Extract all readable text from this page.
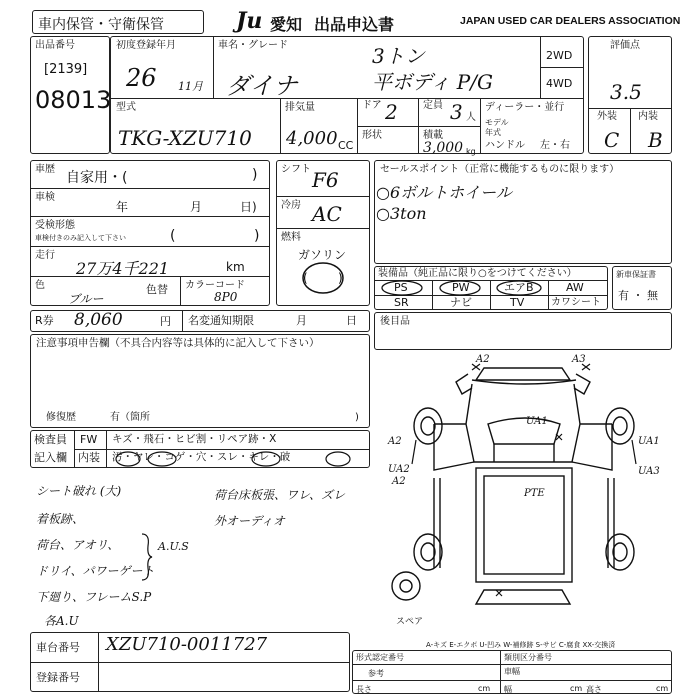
車内保管・守衛保管	Ju 愛知 出品申込書	JAPAN USED CAR DEALERS ASSOCIATION
出品番号
[2139]
08013
初度登録年月
26 11月
車名・グレード
ダイナ
3トン
平ボディ P/G
2WD
4WD
評価点
3.5
外装 内装
C B
型式
TKG-XZU710
排気量
4,000 CC
ドア 2	定員 3 人
形状	積載
3,000 kg
ディーラー・並行
モデル
年式
ハンドル 左・右
車歴
自家用・(	)
車検
年	月	日)
受検形態
車検付きのみ記入して下さい	(	)
走行
27万4千221	km
色
ブルー
色替 カラーコード
8P0
シフト F6
冷房 AC
燃料
ガソリン
(	)
セールスポイント（正常に機能するものに限ります）
○6ボルトホイール
○3ton
装備品（純正品に限り○をつけてください）
PS	PW	エアB	AW
SR	ナビ	TV	カワシート
新車保証書
有 ・ 無
R券 8,060	円 名変通知期限	月	日 後目品
注意事項申告欄（不具合内容等は具体的に記入して下さい）
修復歴	有（箇所	)
検査員
記入欄
FW キズ・飛石・ヒビ割・リペア跡・X
内装 汚・ヤレ・コゲ・穴・スレ・キレ・破
シート破れ (大)
着板跡、
荷台、アオリ、
ドリイ、パワーゲート
下廻り、フレームS.P
各A.U
A.U.S
荷台床板張、ワレ、ズレ
外オーディオ
A2	A3
UA1
A2	UA1
UA2	UA3
PTE
A2
スペア
A-キズ E-エクボ U-凹み W-補修跡 S-サビ C-腐食 XX-交換済
車台番号 XZU710-0011727
登録番号
形式認定番号	類別区分番号
参考	車幅
長さ	cm 幅	高さ
cm	cm
